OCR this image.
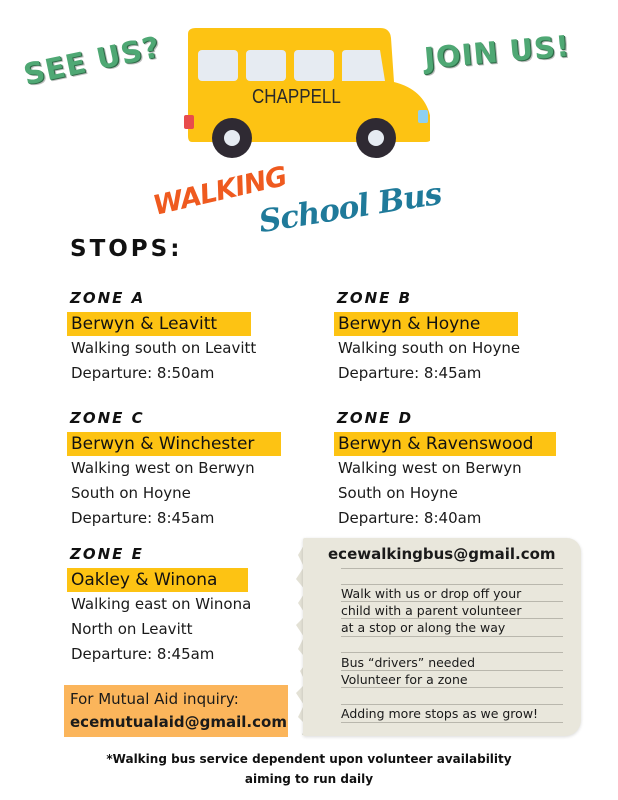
SEE US?	JOIN US!
CHAPPELL
WALKING
School Bus
STOPS:
ZONE A
Berwyn & Leavitt
Walking south on Leavitt
Departure: 8:50am
ZONE B
Berwyn & Hoyne
Walking south on Hoyne
Departure: 8:45am
ZONE C
Berwyn & Winchester
Walking west on Berwyn
South on Hoyne
Departure: 8:45am
ZONE D
Berwyn & Ravenswood
Walking west on Berwyn
South on Hoyne
Departure: 8:40am
ZONE E
Oakley & Winona
Walking east on Winona
North on Leavitt
Departure: 8:45am
For Mutual Aid inquiry:
ecemutualaid@gmail.com
ecewalkingbus@gmail.com
Walk with us or drop off your
child with a parent volunteer
at a stop or along the way
Bus “drivers” needed
Volunteer for a zone
Adding more stops as we grow!
*Walking bus service dependent upon volunteer availability
aiming to run daily
